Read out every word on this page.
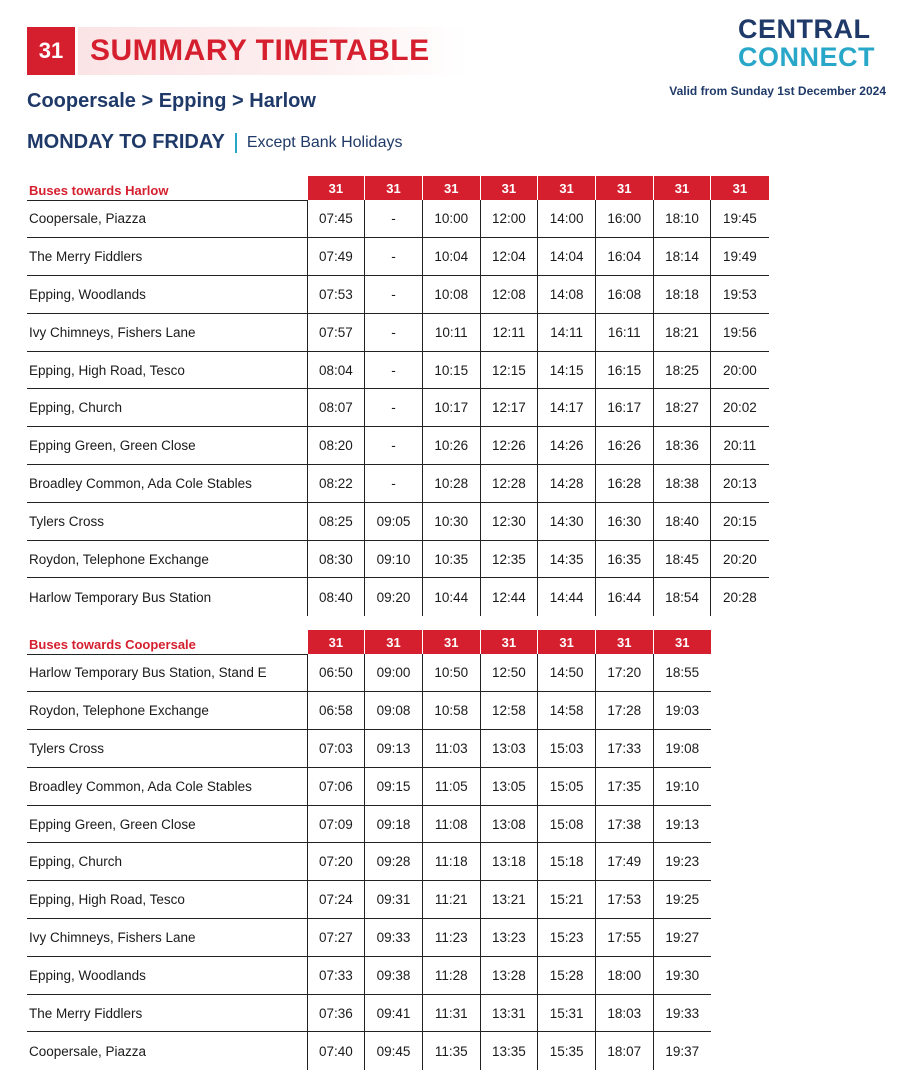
31 SUMMARY TIMETABLE
Coopersale > Epping > Harlow
MONDAY TO FRIDAY Except Bank Holidays
CENTRAL
CONNECT
Valid from Sunday 1st December 2024
Buses towards Harlow	31	31	31	31	31	31	31	31
Coopersale, Piazza	07:45	-	10:00	12:00	14:00	16:00	18:10	19:45
The Merry Fiddlers	07:49	-	10:04	12:04	14:04	16:04	18:14	19:49
Epping, Woodlands	07:53	-	10:08	12:08	14:08	16:08	18:18	19:53
Ivy Chimneys, Fishers Lane	07:57	-	10:11	12:11	14:11	16:11	18:21	19:56
Epping, High Road, Tesco	08:04	-	10:15	12:15	14:15	16:15	18:25	20:00
Epping, Church	08:07	-	10:17	12:17	14:17	16:17	18:27	20:02
Epping Green, Green Close	08:20	-	10:26	12:26	14:26	16:26	18:36	20:11
Broadley Common, Ada Cole Stables	08:22	-	10:28	12:28	14:28	16:28	18:38	20:13
Tylers Cross	08:25	09:05	10:30	12:30	14:30	16:30	18:40	20:15
Roydon, Telephone Exchange	08:30	09:10	10:35	12:35	14:35	16:35	18:45	20:20
Harlow Temporary Bus Station	08:40	09:20	10:44	12:44	14:44	16:44	18:54	20:28
Buses towards Coopersale	31	31	31	31	31	31	31
Harlow Temporary Bus Station, Stand E	06:50	09:00	10:50	12:50	14:50	17:20	18:55
Roydon, Telephone Exchange	06:58	09:08	10:58	12:58	14:58	17:28	19:03
Tylers Cross	07:03	09:13	11:03	13:03	15:03	17:33	19:08
Broadley Common, Ada Cole Stables	07:06	09:15	11:05	13:05	15:05	17:35	19:10
Epping Green, Green Close	07:09	09:18	11:08	13:08	15:08	17:38	19:13
Epping, Church	07:20	09:28	11:18	13:18	15:18	17:49	19:23
Epping, High Road, Tesco	07:24	09:31	11:21	13:21	15:21	17:53	19:25
Ivy Chimneys, Fishers Lane	07:27	09:33	11:23	13:23	15:23	17:55	19:27
Epping, Woodlands	07:33	09:38	11:28	13:28	15:28	18:00	19:30
The Merry Fiddlers	07:36	09:41	11:31	13:31	15:31	18:03	19:33
Coopersale, Piazza	07:40	09:45	11:35	13:35	15:35	18:07	19:37
